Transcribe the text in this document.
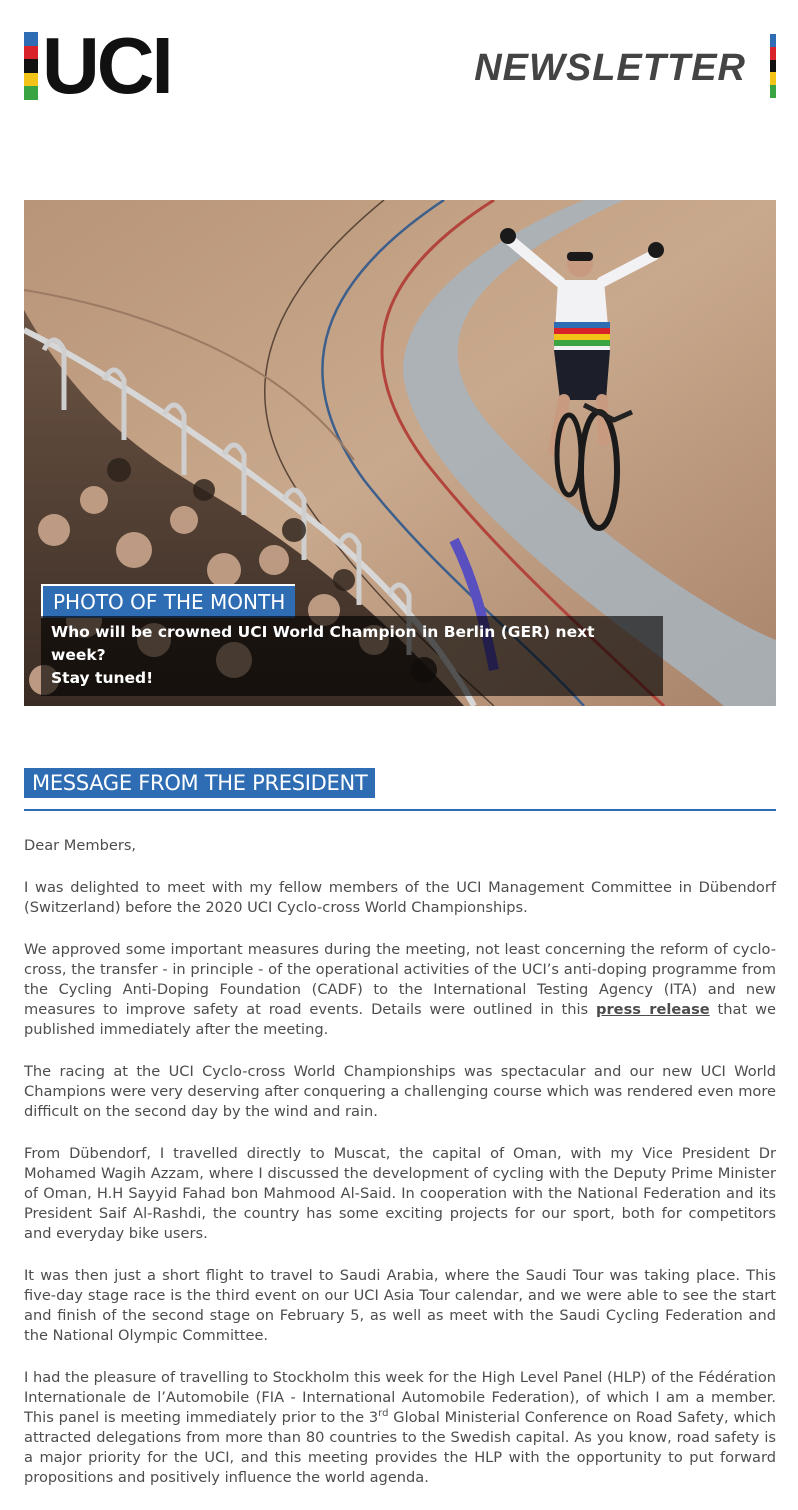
UCI	NEWSLETTER
PHOTO OF THE MONTH
Who will be crowned UCI World Champion in Berlin (GER) next week?
Stay tuned!
MESSAGE FROM THE PRESIDENT

Dear Members,

I was delighted to meet with my fellow members of the UCI Management Committee in Dübendorf (Switzerland) before the 2020 UCI Cyclo-cross World Championships.

We approved some important measures during the meeting, not least concerning the reform of cyclo-cross, the transfer - in principle - of the operational activities of the UCI’s anti-doping programme from the Cycling Anti-Doping Foundation (CADF) to the International Testing Agency (ITA) and new measures to improve safety at road events. Details were outlined in this press release that we published immediately after the meeting.

The racing at the UCI Cyclo-cross World Championships was spectacular and our new UCI World Champions were very deserving after conquering a challenging course which was rendered even more difficult on the second day by the wind and rain.

From Dübendorf, I travelled directly to Muscat, the capital of Oman, with my Vice President Dr Mohamed Wagih Azzam, where I discussed the development of cycling with the Deputy Prime Minister of Oman, H.H Sayyid Fahad bon Mahmood Al-Said. In cooperation with the National Federation and its President Saif Al-Rashdi, the country has some exciting projects for our sport, both for competitors and everyday bike users.

It was then just a short flight to travel to Saudi Arabia, where the Saudi Tour was taking place. This five-day stage race is the third event on our UCI Asia Tour calendar, and we were able to see the start and finish of the second stage on February 5, as well as meet with the Saudi Cycling Federation and the National Olympic Committee.

I had the pleasure of travelling to Stockholm this week for the High Level Panel (HLP) of the Fédération Internationale de l’Automobile (FIA - International Automobile Federation), of which I am a member. This panel is meeting immediately prior to the 3rd Global Ministerial Conference on Road Safety, which attracted delegations from more than 80 countries to the Swedish capital. As you know, road safety is a major priority for the UCI, and this meeting provides the HLP with the opportunity to put forward propositions and positively influence the world agenda.
